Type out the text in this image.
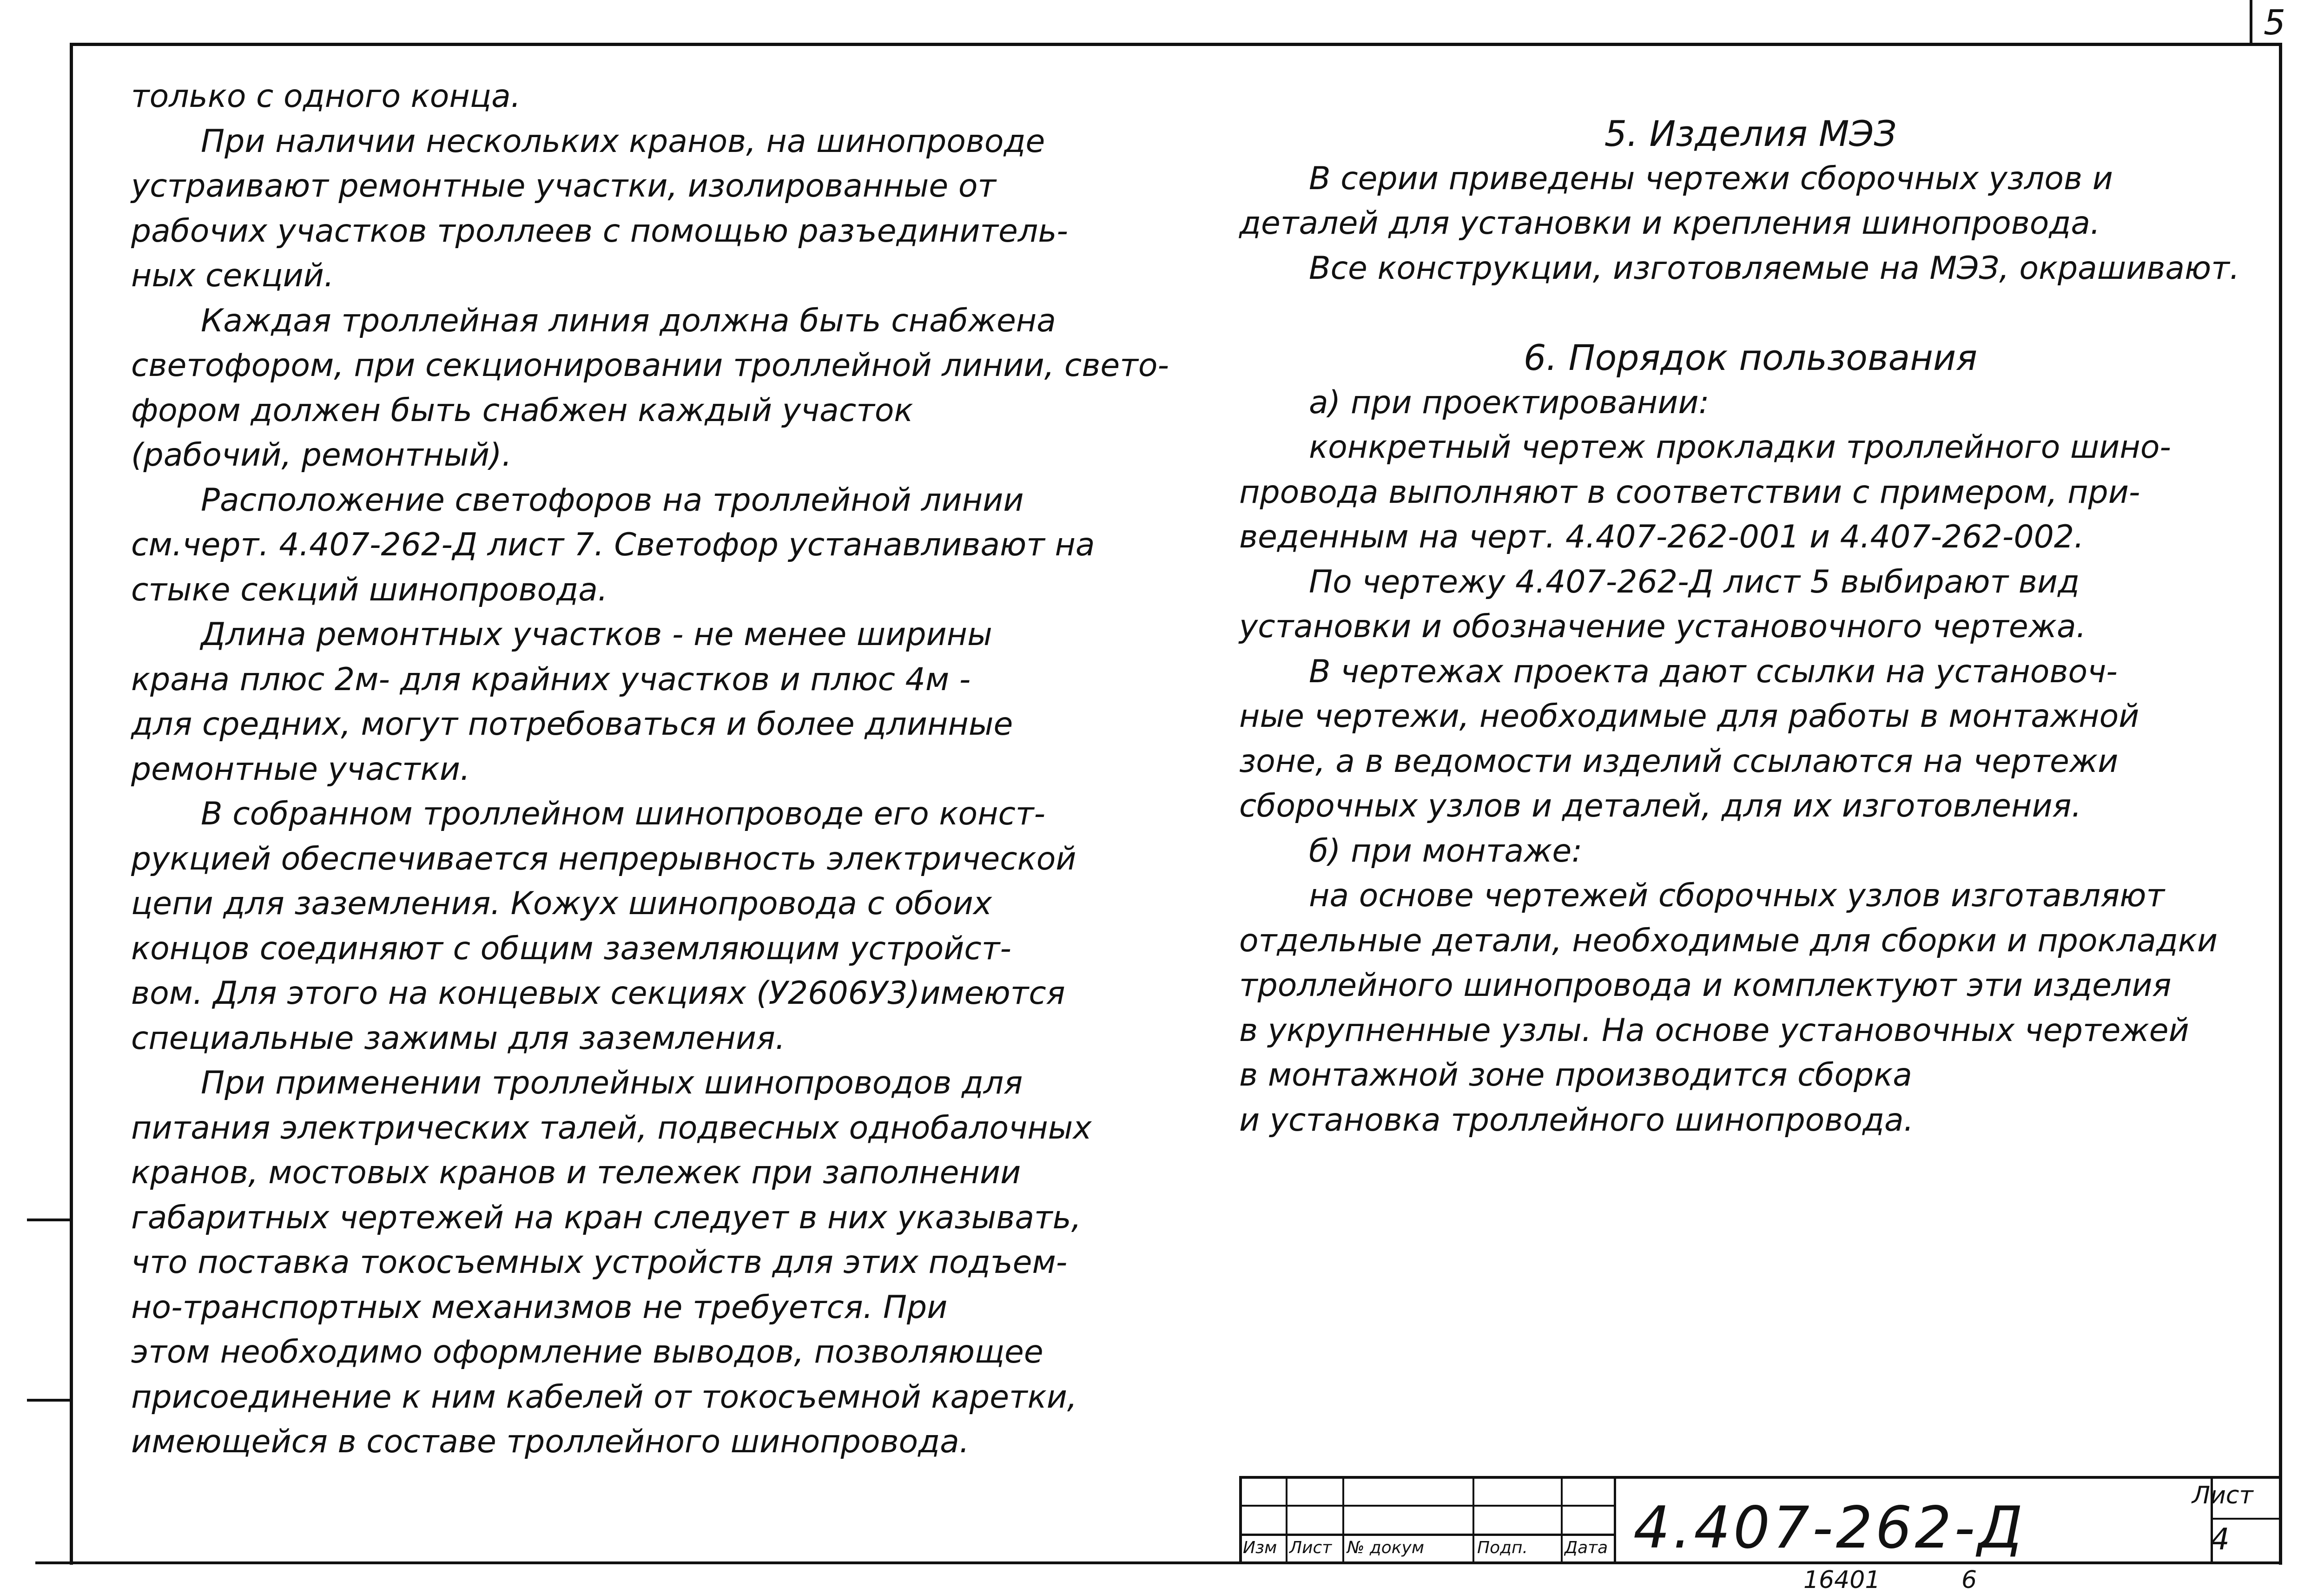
5
только с одного конца.
При наличии нескольких кранов, на шинопроводе
устраивают ремонтные участки, изолированные от
рабочих участков троллеев с помощью разъединитель-
ных секций.
Каждая троллейная линия должна быть снабжена
светофором, при секционировании троллейной линии, свето-
фором должен быть снабжен каждый участок
(рабочий, ремонтный).
Расположение светофоров на троллейной линии
см.черт. 4.407-262-Д лист 7. Светофор устанавливают на
стыке секций шинопровода.
Длина ремонтных участков - не менее ширины
крана плюс 2м- для крайних участков и плюс 4м -
для средних, могут потребоваться и более длинные
ремонтные участки.
В собранном троллейном шинопроводе его конст-
рукцией обеспечивается непрерывность электрической
цепи для заземления. Кожух шинопровода с обоих
концов соединяют с общим заземляющим устройст-
вом. Для этого на концевых секциях (У2606У3)имеются
специальные зажимы для заземления.
При применении троллейных шинопроводов для
питания электрических талей, подвесных однобалочных
кранов, мостовых кранов и тележек при заполнении
габаритных чертежей на кран следует в них указывать,
что поставка токосъемных устройств для этих подъем-
но-транспортных механизмов не требуется. При
этом необходимо оформление выводов, позволяющее
присоединение к ним кабелей от токосъемной каретки,
имеющейся в составе троллейного шинопровода.
5. Изделия МЭЗ
В серии приведены чертежи сборочных узлов и
деталей для установки и крепления шинопровода.
Все конструкции, изготовляемые на МЭЗ, окрашивают.
6. Порядок пользования
а) при проектировании:
конкретный чертеж прокладки троллейного шино-
провода выполняют в соответствии с примером, при-
веденным на черт. 4.407-262-001 и 4.407-262-002.
По чертежу 4.407-262-Д лист 5 выбирают вид
установки и обозначение установочного чертежа.
В чертежах проекта дают ссылки на установоч-
ные чертежи, необходимые для работы в монтажной
зоне, а в ведомости изделий ссылаются на чертежи
сборочных узлов и деталей, для их изготовления.
б) при монтаже:
на основе чертежей сборочных узлов изготавляют
отдельные детали, необходимые для сборки и прокладки
троллейного шинопровода и комплектуют эти изделия
в укрупненные узлы. На основе установочных чертежей
в монтажной зоне производится сборка
и установка троллейного шинопровода.
Изм Лист № докум	Подп. Дата 4.407-262-Д	Лист
4
16401	6
